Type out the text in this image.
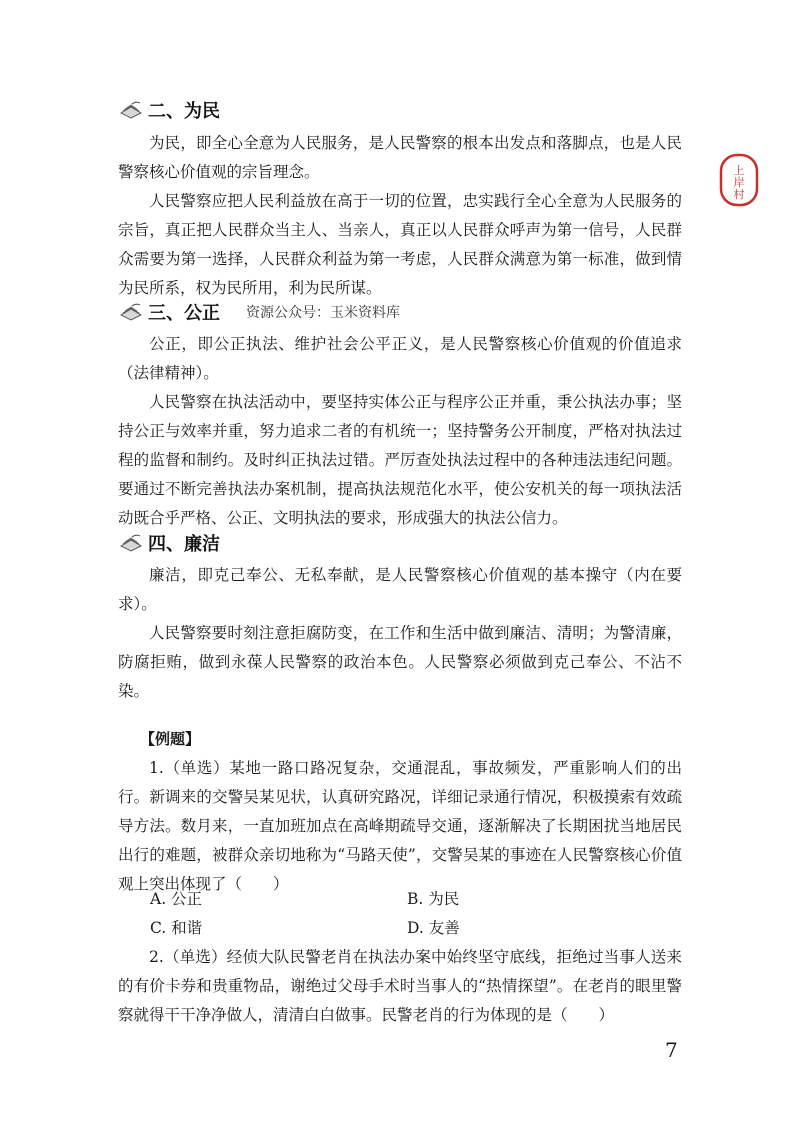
二、为民

为民，即全心全意为人民服务，是人民警察的根本出发点和落脚点，也是人民警察核心价值观的宗旨理念。

人民警察应把人民利益放在高于一切的位置，忠实践行全心全意为人民服务的宗旨，真正把人民群众当主人、当亲人，真正以人民群众呼声为第一信号，人民群众需要为第一选择，人民群众利益为第一考虑，人民群众满意为第一标准，做到情为民所系，权为民所用，利为民所谋。

三、公正 资源公众号：玉米资料库

公正，即公正执法、维护社会公平正义，是人民警察核心价值观的价值追求（法律精神）。

人民警察在执法活动中，要坚持实体公正与程序公正并重，秉公执法办事；坚持公正与效率并重，努力追求二者的有机统一；坚持警务公开制度，严格对执法过程的监督和制约。及时纠正执法过错。严厉查处执法过程中的各种违法违纪问题。要通过不断完善执法办案机制，提高执法规范化水平，使公安机关的每一项执法活动既合乎严格、公正、文明执法的要求，形成强大的执法公信力。

四、廉洁

廉洁，即克己奉公、无私奉献，是人民警察核心价值观的基本操守（内在要求）。

人民警察要时刻注意拒腐防变，在工作和生活中做到廉洁、清明；为警清廉，防腐拒贿，做到永葆人民警察的政治本色。人民警察必须做到克己奉公、不沾不染。

【例题】

1.（单选）某地一路口路况复杂，交通混乱，事故频发，严重影响人们的出行。新调来的交警吴某见状，认真研究路况，详细记录通行情况，积极摸索有效疏导方法。数月来，一直加班加点在高峰期疏导交通，逐渐解决了长期困扰当地居民出行的难题，被群众亲切地称为“马路天使”，交警吴某的事迹在人民警察核心价值观上突出体现了（　　）

A. 公正	B. 为民
C. 和谐	D. 友善

2.（单选）经侦大队民警老肖在执法办案中始终坚守底线，拒绝过当事人送来的有价卡券和贵重物品，谢绝过父母手术时当事人的“热情探望”。在老肖的眼里警察就得干干净净做人，清清白白做事。民警老肖的行为体现的是（　　）

7
上
岸
村
